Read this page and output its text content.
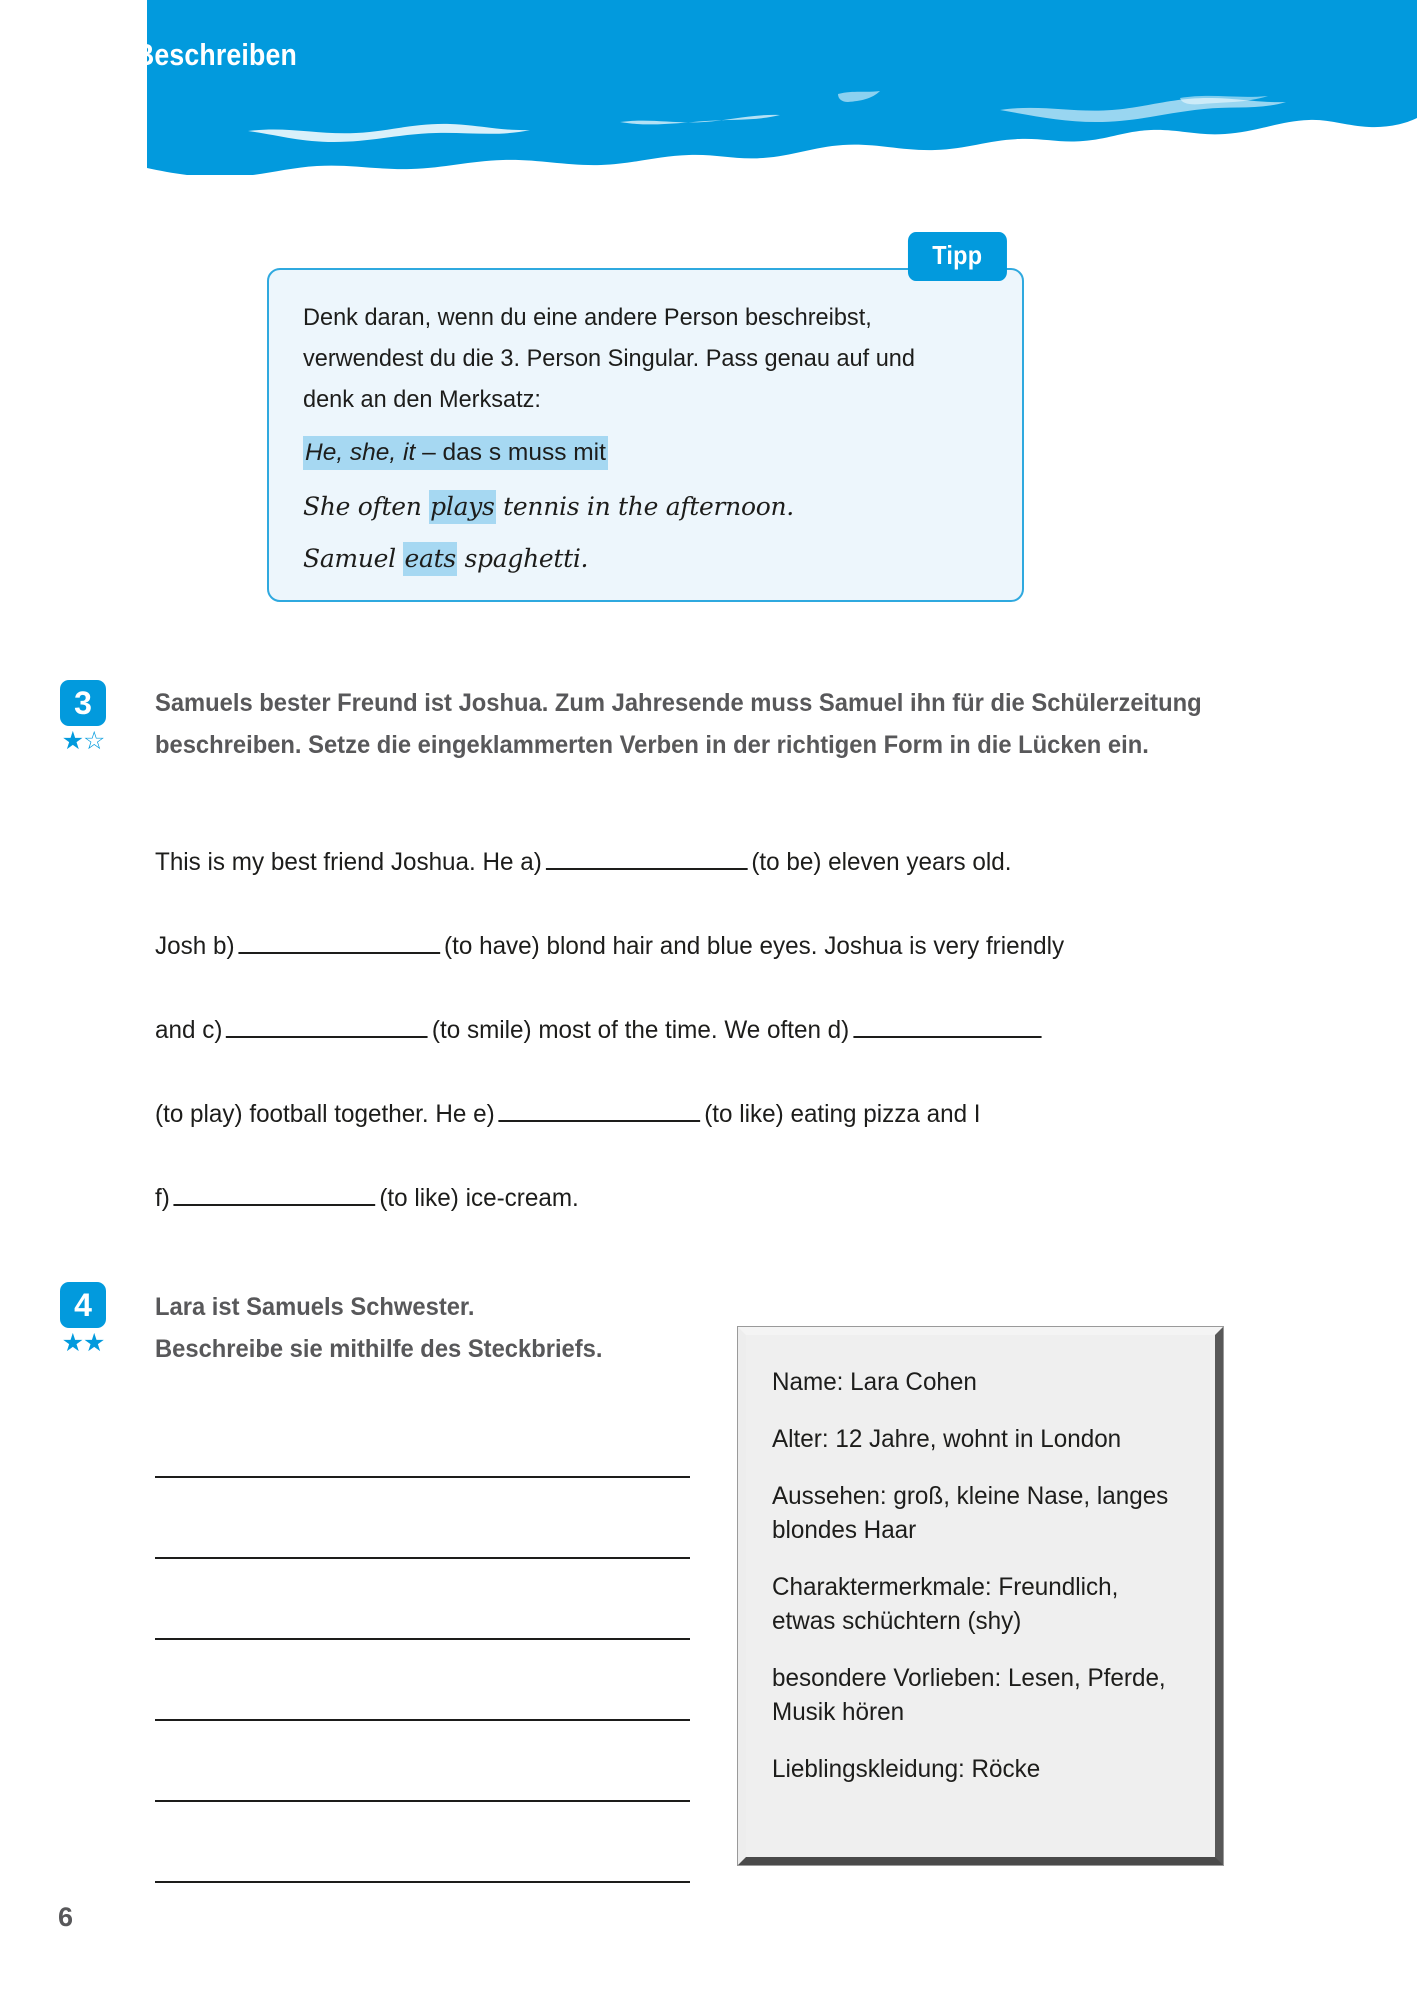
1 Beschreiben
Tipp
Denk daran, wenn du eine andere Person beschreibst, verwendest du die 3. Person Singular. Pass genau auf und denk an den Merksatz:
He, she, it – das s muss mit
She often plays tennis in the afternoon.
Samuel eats spaghetti.
3
★☆
Samuels bester Freund ist Joshua. Zum Jahresende muss Samuel ihn für die Schülerzeitung beschreiben. Setze die eingeklammerten Verben in der richtigen Form in die Lücken ein.
This is my best friend Joshua. He a)	(to be) eleven years old.
Josh b)	(to have) blond hair and blue eyes. Joshua is very friendly
and c)	(to smile) most of the time. We often d)
(to play) football together. He e)	(to like) eating pizza and I
f)	(to like) ice-cream.
4
★★
Lara ist Samuels Schwester.
Beschreibe sie mithilfe des Steckbriefs.
Name: Lara Cohen
Alter: 12 Jahre, wohnt in London
Aussehen: groß, kleine Nase, langes blondes Haar
Charaktermerkmale: Freundlich, etwas schüchtern (shy)
besondere Vorlieben: Lesen, Pferde, Musik hören
Lieblingskleidung: Röcke
6
